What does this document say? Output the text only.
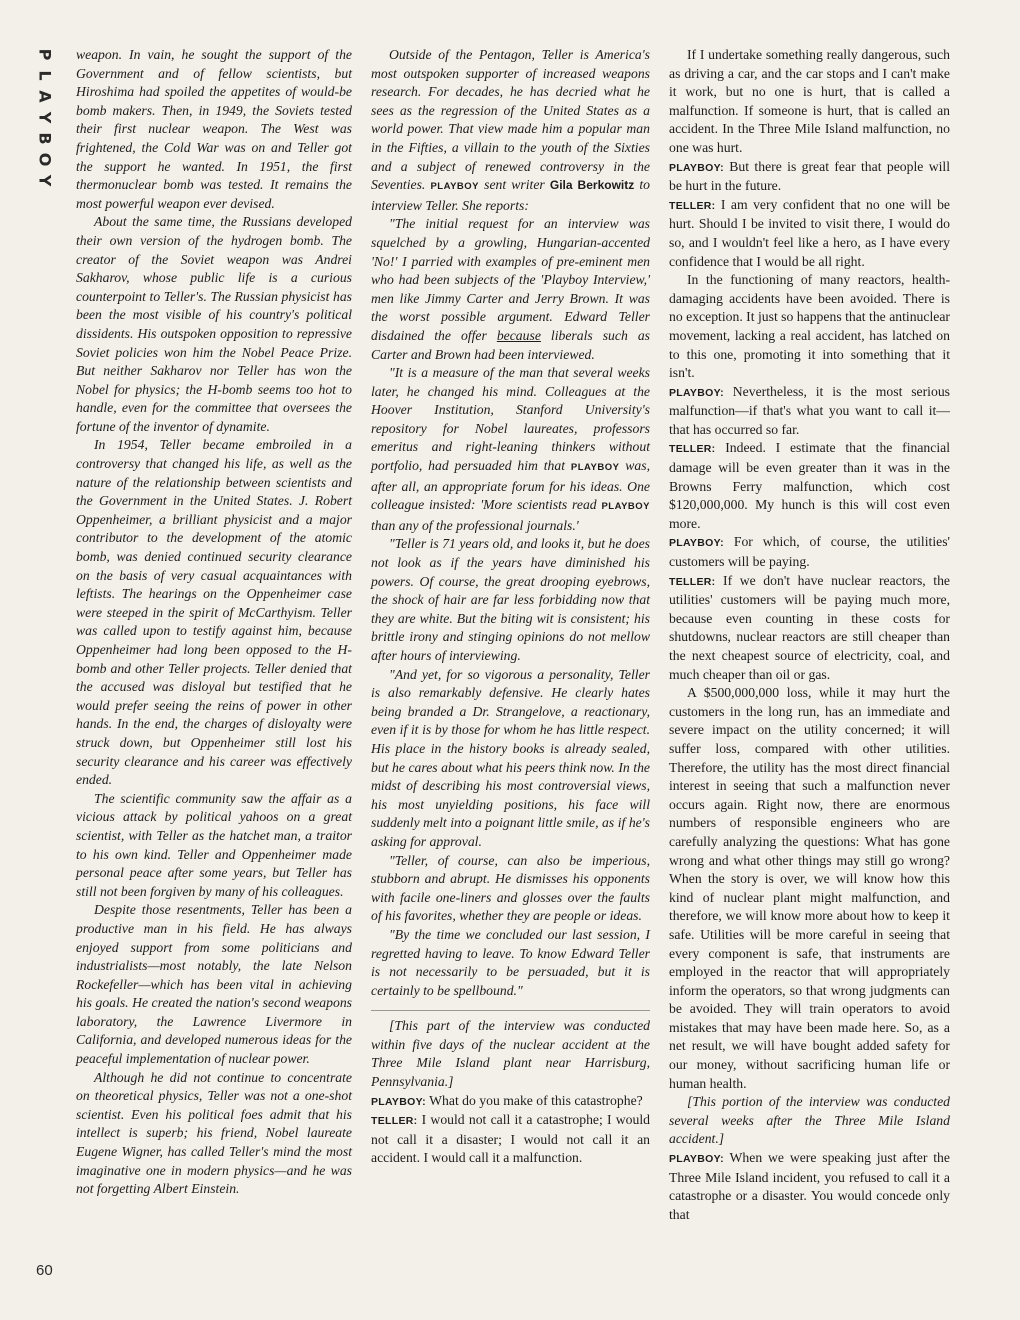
P
L
A
Y
B
O
Y
60

weapon. In vain, he sought the support of the Government and of fellow scientists, but Hiroshima had spoiled the appetites of would-be bomb makers. Then, in 1949, the Soviets tested their first nuclear weapon. The West was frightened, the Cold War was on and Teller got the support he wanted. In 1951, the first thermonuclear bomb was tested. It remains the most powerful weapon ever devised.

About the same time, the Russians developed their own version of the hydrogen bomb. The creator of the Soviet weapon was Andrei Sakharov, whose public life is a curious counterpoint to Teller's. The Russian physicist has been the most visible of his country's political dissidents. His outspoken opposition to repressive Soviet policies won him the Nobel Peace Prize. But neither Sakharov nor Teller has won the Nobel for physics; the H-bomb seems too hot to handle, even for the committee that oversees the fortune of the inventor of dynamite.

In 1954, Teller became embroiled in a controversy that changed his life, as well as the nature of the relationship between scientists and the Government in the United States. J. Robert Oppenheimer, a brilliant physicist and a major contributor to the development of the atomic bomb, was denied continued security clearance on the basis of very casual acquaintances with leftists. The hearings on the Oppenheimer case were steeped in the spirit of McCarthyism. Teller was called upon to testify against him, because Oppenheimer had long been opposed to the H-bomb and other Teller projects. Teller denied that the accused was disloyal but testified that he would prefer seeing the reins of power in other hands. In the end, the charges of disloyalty were struck down, but Oppenheimer still lost his security clearance and his career was effectively ended.

The scientific community saw the affair as a vicious attack by political yahoos on a great scientist, with Teller as the hatchet man, a traitor to his own kind. Teller and Oppenheimer made personal peace after some years, but Teller has still not been forgiven by many of his colleagues.

Despite those resentments, Teller has been a productive man in his field. He has always enjoyed support from some politicians and industrialists—most notably, the late Nelson Rockefeller—which has been vital in achieving his goals. He created the nation's second weapons laboratory, the Lawrence Livermore in California, and developed numerous ideas for the peaceful implementation of nuclear power.

Although he did not continue to concentrate on theoretical physics, Teller was not a one-shot scientist. Even his political foes admit that his intellect is superb; his friend, Nobel laureate Eugene Wigner, has called Teller's mind the most imaginative one in modern physics—and he was not forgetting Albert Einstein.

Outside of the Pentagon, Teller is America's most outspoken supporter of increased weapons research. For decades, he has decried what he sees as the regression of the United States as a world power. That view made him a popular man in the Fifties, a villain to the youth of the Sixties and a subject of renewed controversy in the Seventies. PLAYBOY sent writer Gila Berkowitz to interview Teller. She reports:

"The initial request for an interview was squelched by a growling, Hungarian-accented 'No!' I parried with examples of pre-eminent men who had been subjects of the 'Playboy Interview,' men like Jimmy Carter and Jerry Brown. It was the worst possible argument. Edward Teller disdained the offer because liberals such as Carter and Brown had been interviewed.

"It is a measure of the man that several weeks later, he changed his mind. Colleagues at the Hoover Institution, Stanford University's repository for Nobel laureates, professors emeritus and right-leaning thinkers without portfolio, had persuaded him that PLAYBOY was, after all, an appropriate forum for his ideas. One colleague insisted: 'More scientists read PLAYBOY than any of the professional journals.'

"Teller is 71 years old, and looks it, but he does not look as if the years have diminished his powers. Of course, the great drooping eyebrows, the shock of hair are far less forbidding now that they are white. But the biting wit is consistent; his brittle irony and stinging opinions do not mellow after hours of interviewing.

"And yet, for so vigorous a personality, Teller is also remarkably defensive. He clearly hates being branded a Dr. Strangelove, a reactionary, even if it is by those for whom he has little respect. His place in the history books is already sealed, but he cares about what his peers think now. In the midst of describing his most controversial views, his most unyielding positions, his face will suddenly melt into a poignant little smile, as if he's asking for approval.

"Teller, of course, can also be imperious, stubborn and abrupt. He dismisses his opponents with facile one-liners and glosses over the faults of his favorites, whether they are people or ideas.

"By the time we concluded our last session, I regretted having to leave. To know Edward Teller is not necessarily to be persuaded, but it is certainly to be spellbound."

[This part of the interview was conducted within five days of the nuclear accident at the Three Mile Island plant near Harrisburg, Pennsylvania.]

PLAYBOY: What do you make of this catastrophe?

TELLER: I would not call it a catastrophe; I would not call it a disaster; I would not call it an accident. I would call it a malfunction.

If I undertake something really dangerous, such as driving a car, and the car stops and I can't make it work, but no one is hurt, that is called a malfunction. If someone is hurt, that is called an accident. In the Three Mile Island malfunction, no one was hurt.

PLAYBOY: But there is great fear that people will be hurt in the future.

TELLER: I am very confident that no one will be hurt. Should I be invited to visit there, I would do so, and I wouldn't feel like a hero, as I have every confidence that I would be all right.

In the functioning of many reactors, health-damaging accidents have been avoided. There is no exception. It just so happens that the antinuclear movement, lacking a real accident, has latched on to this one, promoting it into something that it isn't.

PLAYBOY: Nevertheless, it is the most serious malfunction—if that's what you want to call it—that has occurred so far.

TELLER: Indeed. I estimate that the financial damage will be even greater than it was in the Browns Ferry malfunction, which cost $120,000,000. My hunch is this will cost even more.

PLAYBOY: For which, of course, the utilities' customers will be paying.

TELLER: If we don't have nuclear reactors, the utilities' customers will be paying much more, because even counting in these costs for shutdowns, nuclear reactors are still cheaper than the next cheapest source of electricity, coal, and much cheaper than oil or gas.

A $500,000,000 loss, while it may hurt the customers in the long run, has an immediate and severe impact on the utility concerned; it will suffer loss, compared with other utilities. Therefore, the utility has the most direct financial interest in seeing that such a malfunction never occurs again. Right now, there are enormous numbers of responsible engineers who are carefully analyzing the questions: What has gone wrong and what other things may still go wrong? When the story is over, we will know how this kind of nuclear plant might malfunction, and therefore, we will know more about how to keep it safe. Utilities will be more careful in seeing that every component is safe, that instruments are employed in the reactor that will appropriately inform the operators, so that wrong judgments can be avoided. They will train operators to avoid mistakes that may have been made here. So, as a net result, we will have bought added safety for our money, without sacrificing human life or human health.

[This portion of the interview was conducted several weeks after the Three Mile Island accident.]

PLAYBOY: When we were speaking just after the Three Mile Island incident, you refused to call it a catastrophe or a disaster. You would concede only that
